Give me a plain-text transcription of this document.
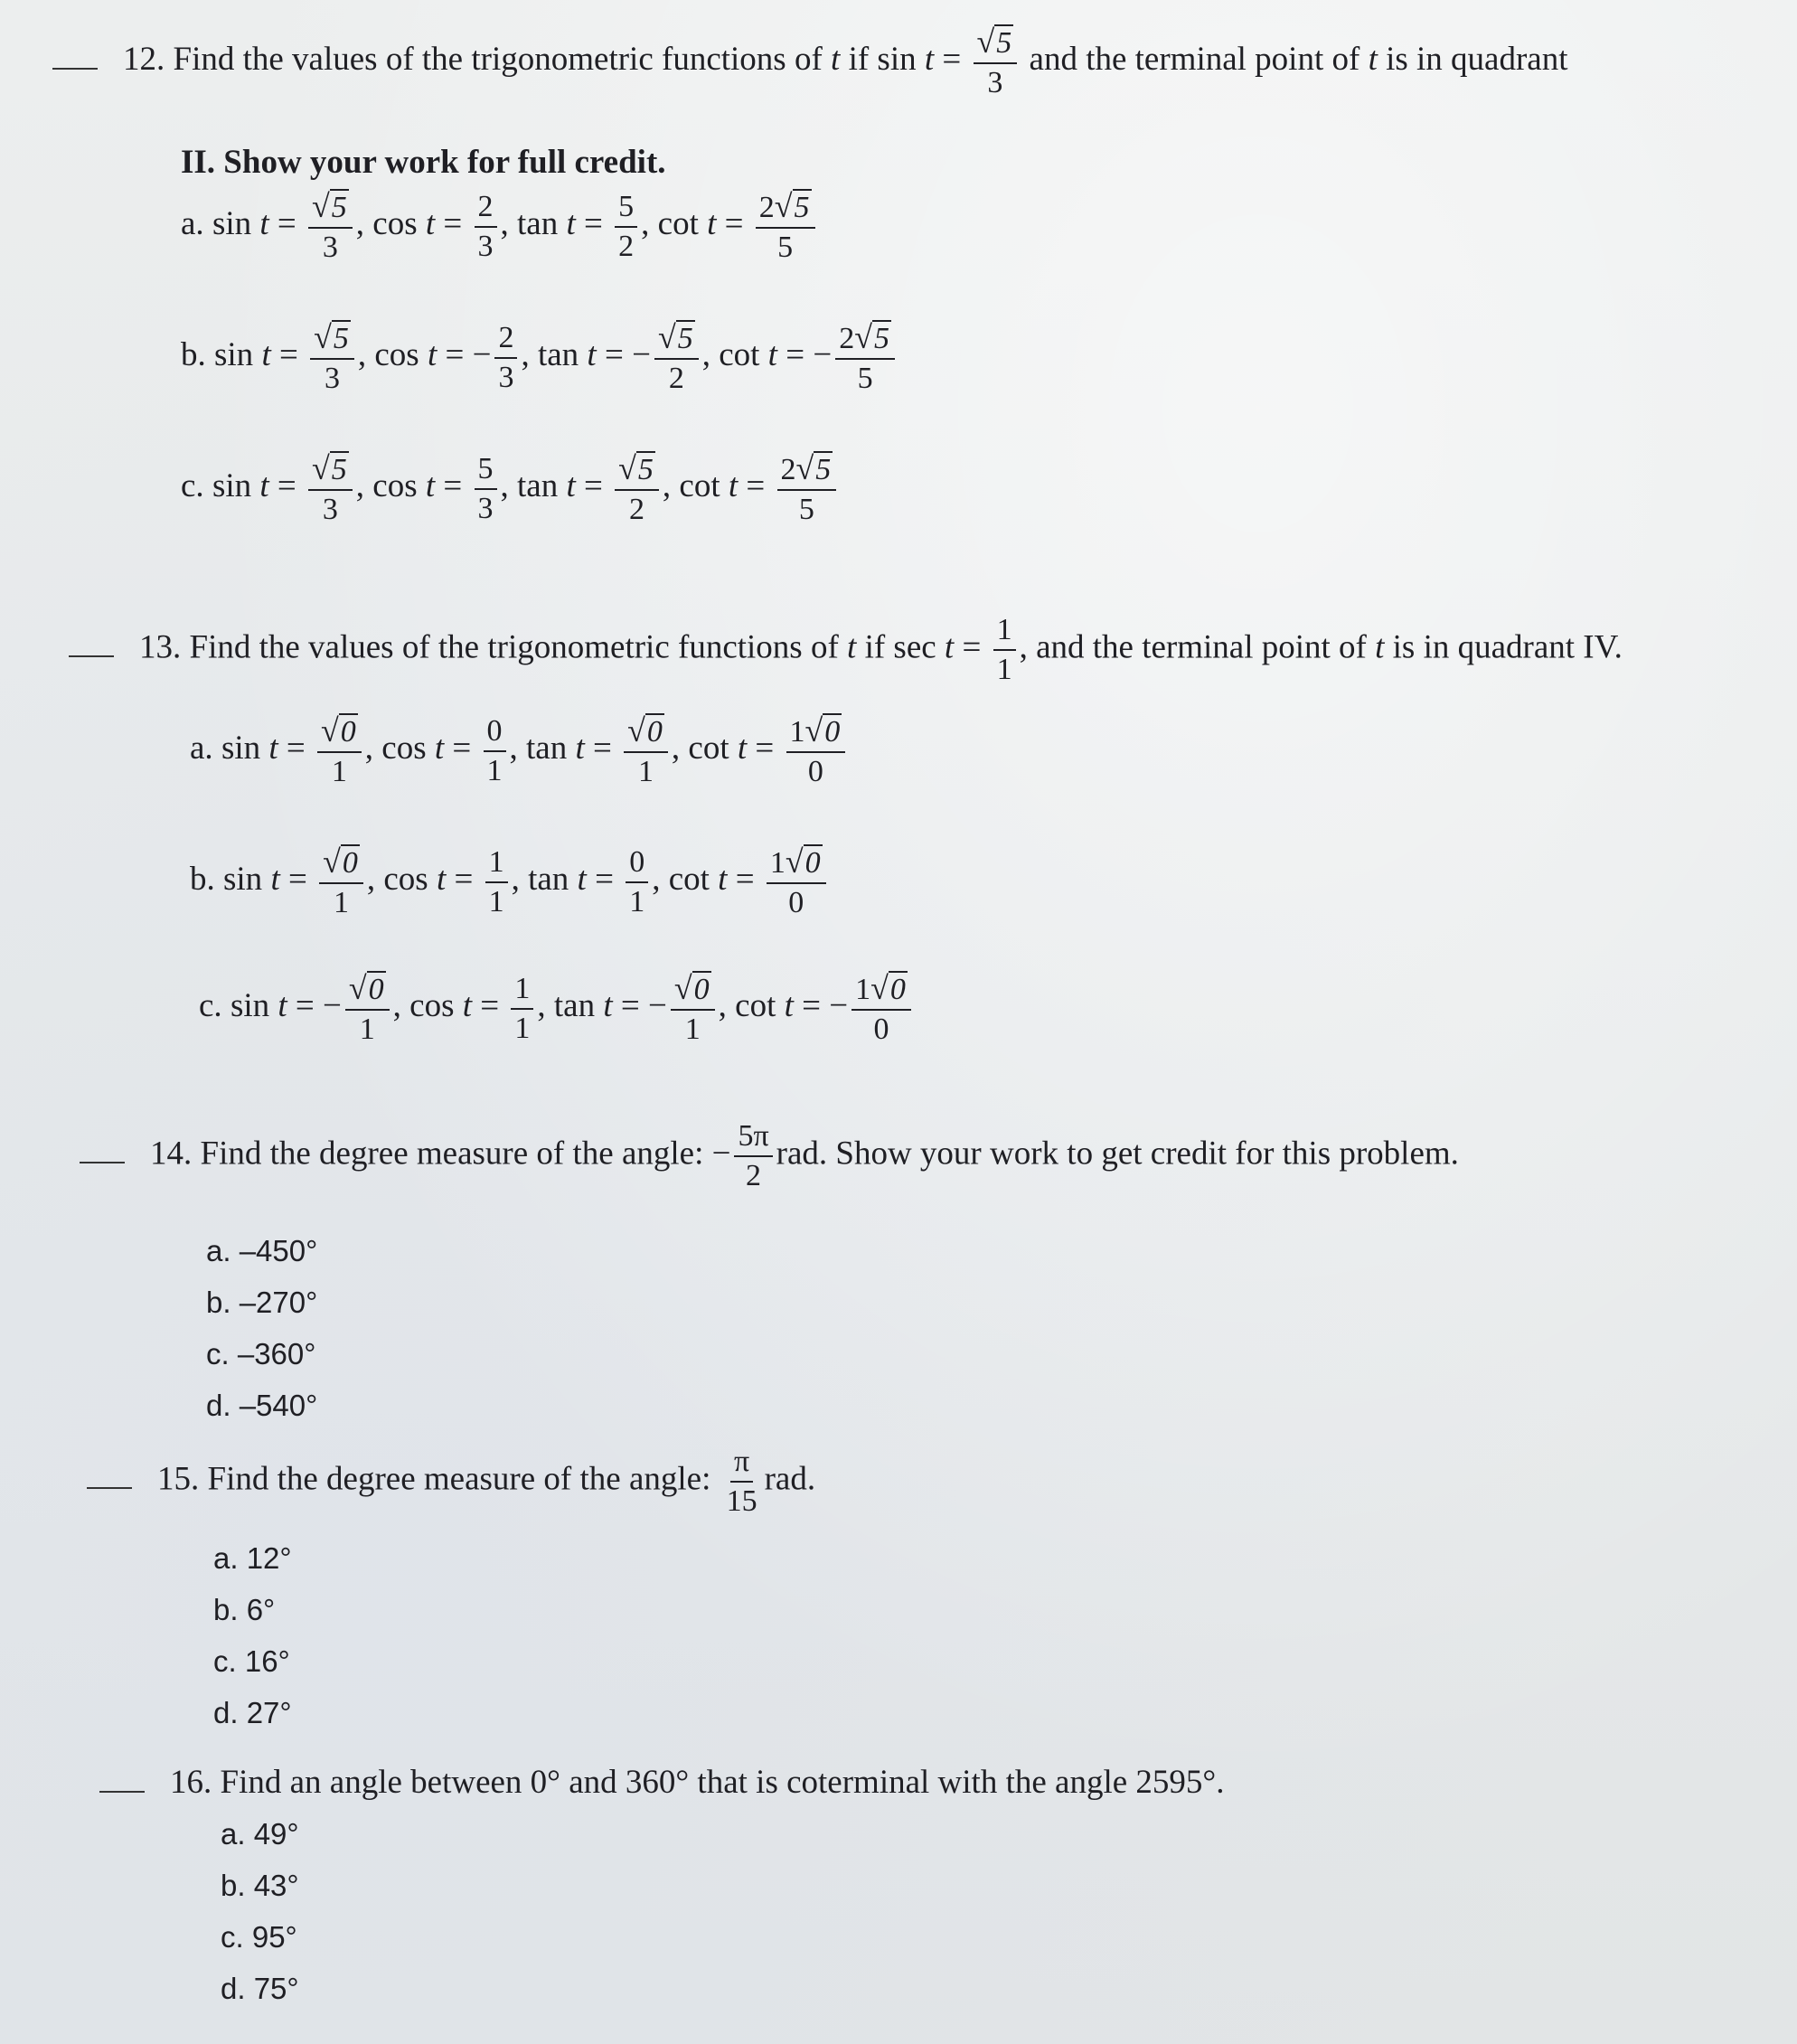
12. Find the values of the trigonometric functions of t if $\sin t = \frac{√5}{3}$ and the terminal point of t is in quadrant
II. Show your work for full credit.
a. $\sin t = \frac{√5}{3}$ , $\cos t = \frac{2}{3}$ , $\tan t = \frac{5}{2}$ , $\cot t = \frac{2√5}{5}$
b. $\sin t = \frac{√5}{3}$ , cos t = − $\frac{2}{3}$ , tan t = − $\frac{√5}{2}$ , cot t = − $\frac{2√5}{5}$
c. $\sin t = \frac{√5}{3}$ , $\cos t = \frac{5}{3}$ , $\tan t = \frac{√5}{2}$ , $\cot t = \frac{2√5}{5}$
13. Find the values of the trigonometric functions of t if $\sec t = \frac{1}{1}$ , and the terminal point of t is in quadrant IV.
a. $\sin t = \frac{√0}{1}$ , $\cos t = \frac{0}{1}$ , $\tan t = \frac{√0}{1}$ , $\cot t = \frac{1√0}{0}$
b. $\sin t = \frac{√0}{1}$ , $\cos t = \frac{1}{1}$ , $\tan t = \frac{0}{1}$ , $\cot t = \frac{1√0}{0}$
c. sin t = − $\frac{√0}{1}$ , $\cos t = \frac{1}{1}$ , tan t = − $\frac{√0}{1}$ , cot t = − $\frac{1√0}{0}$
14. Find the degree measure of the angle: − $\frac{5\pi}{2}$ rad. Show your work to get credit for this problem.
a. –450°
b. –270°
c. –360°
d. –540°
15. Find the degree measure of the angle: $\frac{\pi}{15}$ rad.
a. 12°
b. 6°
c. 16°
d. 27°
16. Find an angle between 0° and 360° that is coterminal with the angle 2595°.
a. 49°
b. 43°
c. 95°
d. 75°
